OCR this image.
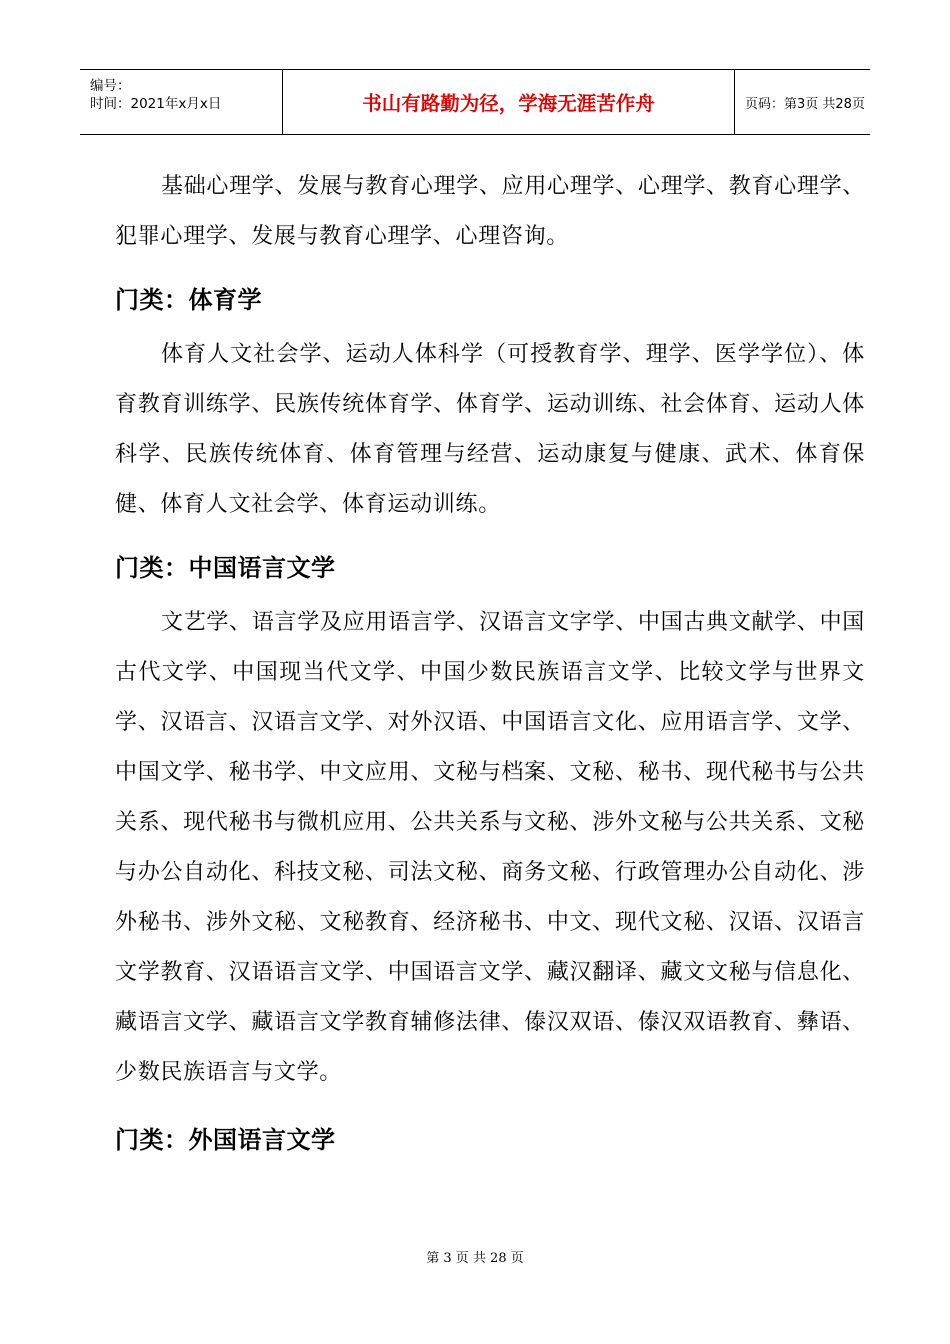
编号：
时间：2021年x月x日	书山有路勤为径，学海无涯苦作舟	页码：第3页 共28页

基础心理学、发展与教育心理学、应用心理学、心理学、教育心理学、犯罪心理学、发展与教育心理学、心理咨询。

门类：体育学

体育人文社会学、运动人体科学（可授教育学、理学、医学学位）、体育教育训练学、民族传统体育学、体育学、运动训练、社会体育、运动人体科学、民族传统体育、体育管理与经营、运动康复与健康、武术、体育保健、体育人文社会学、体育运动训练。

门类：中国语言文学

文艺学、语言学及应用语言学、汉语言文字学、中国古典文献学、中国古代文学、中国现当代文学、中国少数民族语言文学、比较文学与世界文学、汉语言、汉语言文学、对外汉语、中国语言文化、应用语言学、文学、中国文学、秘书学、中文应用、文秘与档案、文秘、秘书、现代秘书与公共关系、现代秘书与微机应用、公共关系与文秘、涉外文秘与公共关系、文秘与办公自动化、科技文秘、司法文秘、商务文秘、行政管理办公自动化、涉外秘书、涉外文秘、文秘教育、经济秘书、中文、现代文秘、汉语、汉语言文学教育、汉语语言文学、中国语言文学、藏汉翻译、藏文文秘与信息化、藏语言文学、藏语言文学教育辅修法律、傣汉双语、傣汉双语教育、彝语、少数民族语言与文学。

门类：外国语言文学
第 3 页 共 28 页
